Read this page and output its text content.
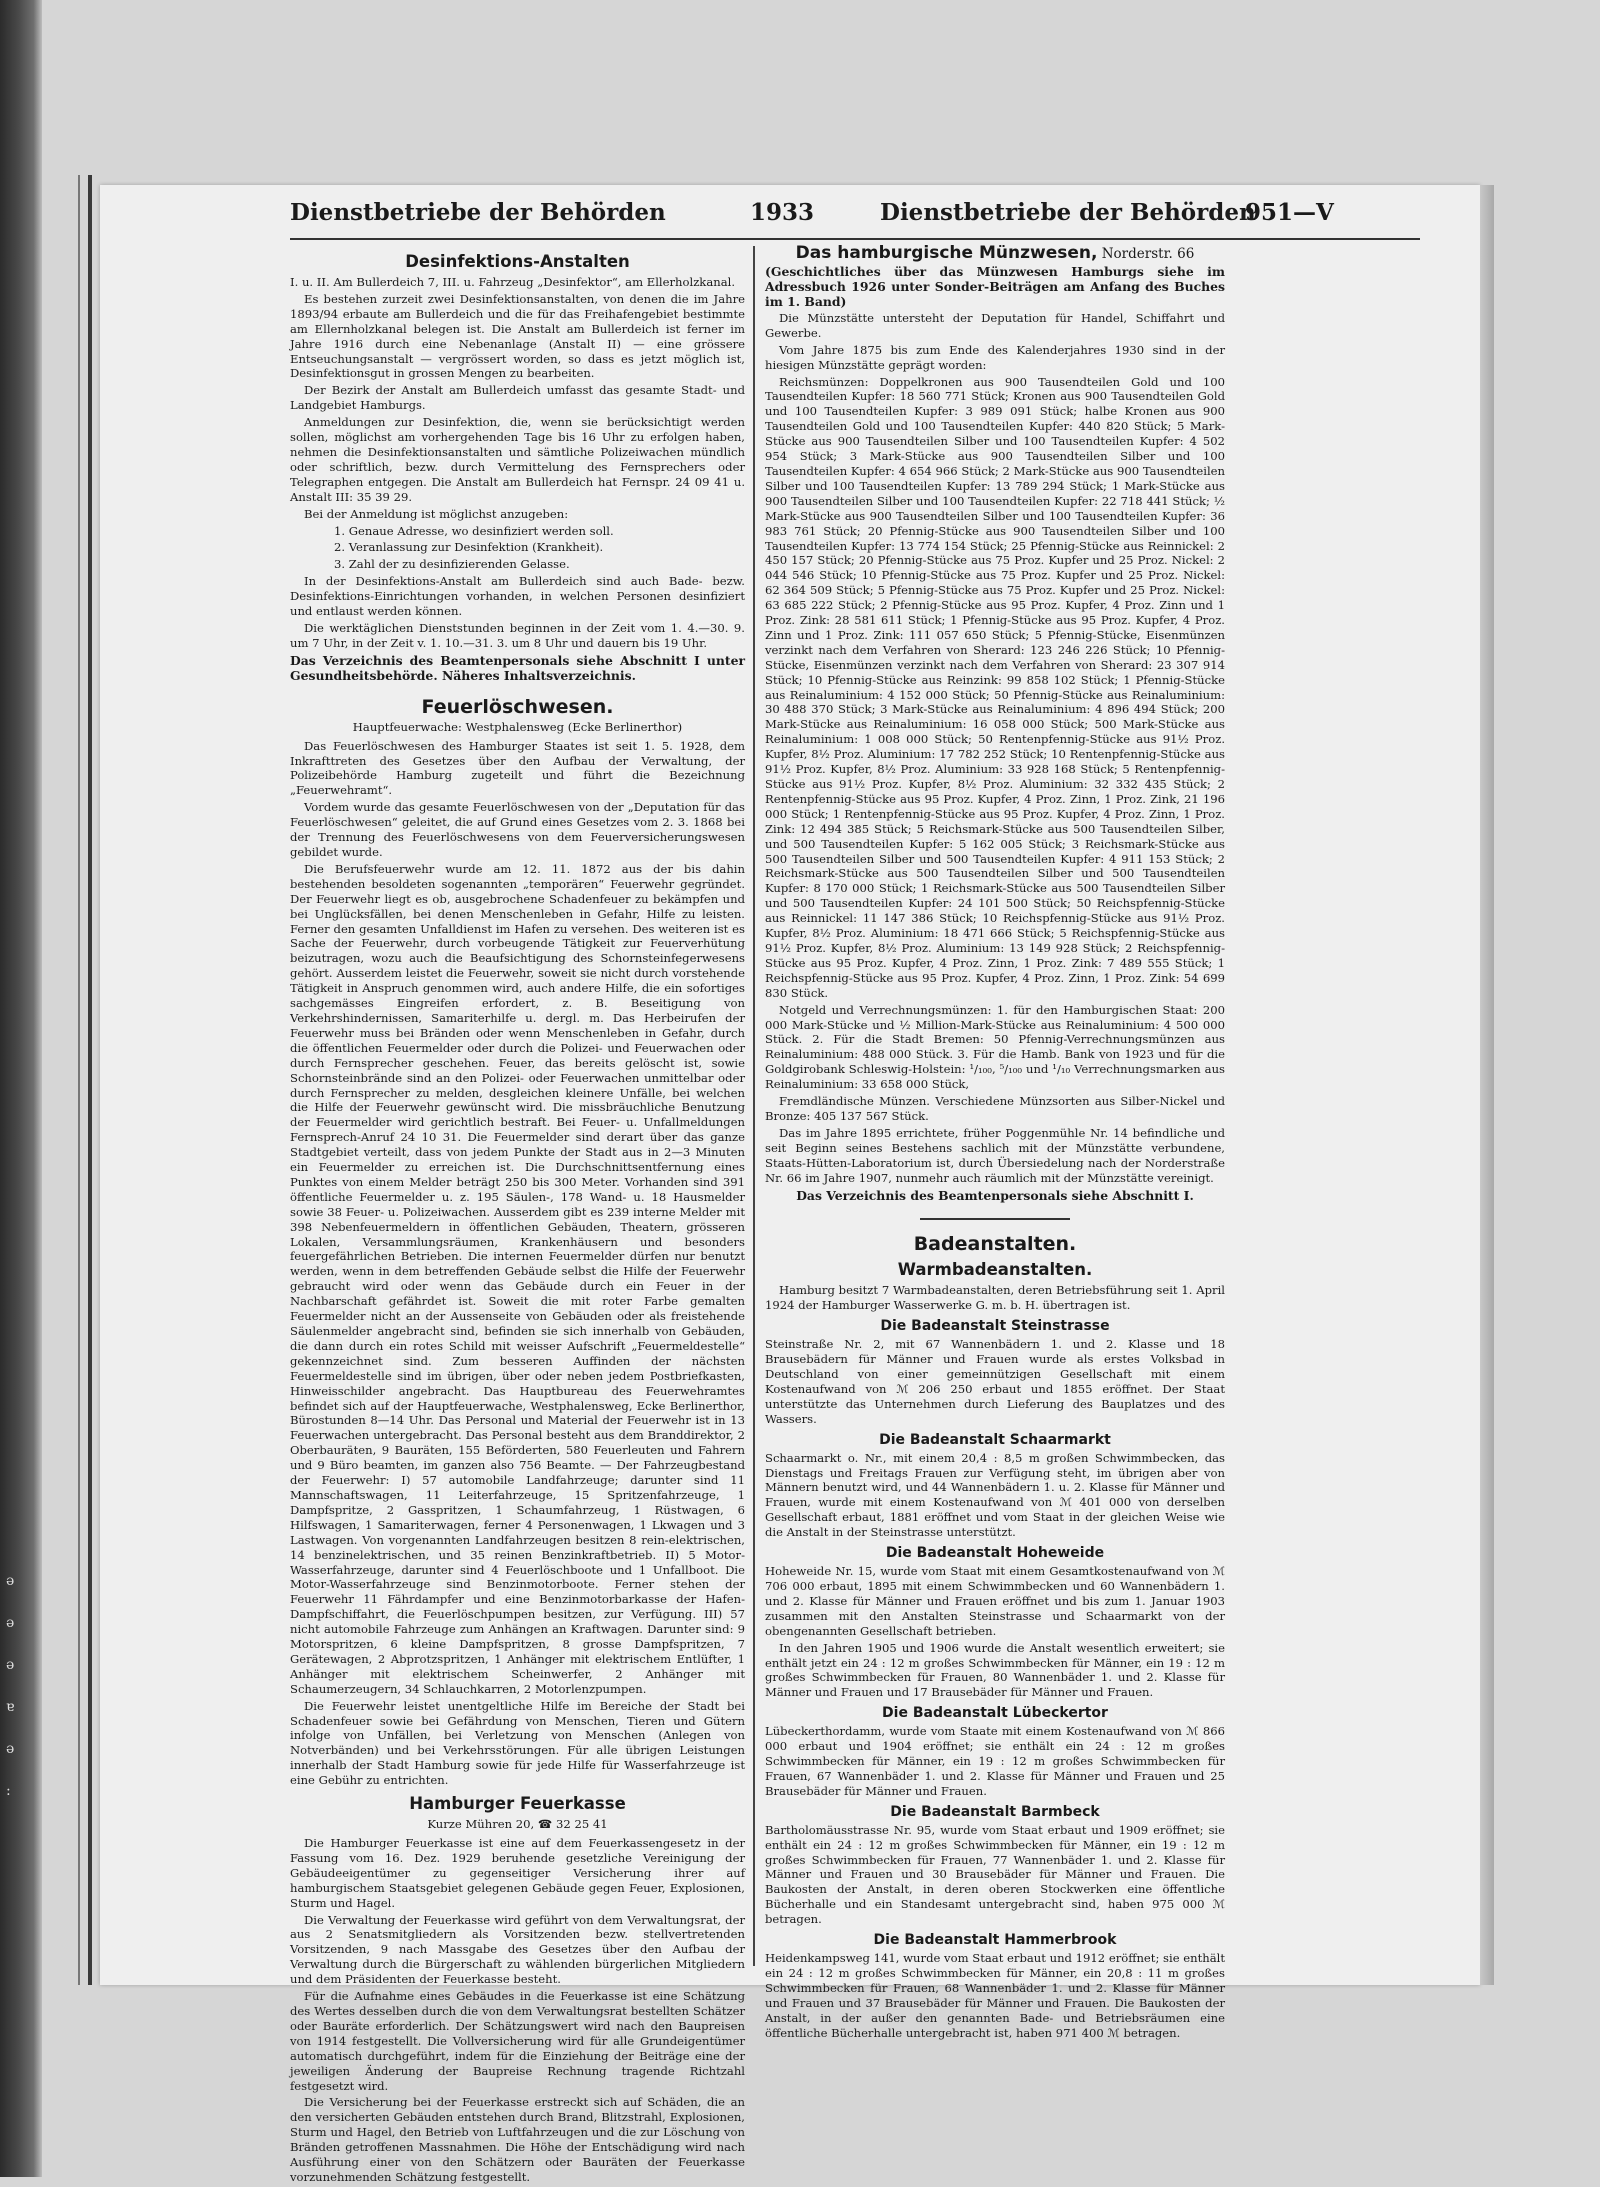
ǝ
ǝ
ǝ
ɐ
ǝ
:
Dienstbetriebe der Behörden	1933	Dienstbetriebe der Behörden
951—V
Desinfektions-Anstalten

I. u. II. Am Bullerdeich 7, III. u. Fahrzeug „Desinfektor“, am Ellerholzkanal.

Es bestehen zurzeit zwei Desinfektionsanstalten, von denen die im Jahre 1893/94 erbaute am Bullerdeich und die für das Freihafengebiet bestimmte am Ellernholzkanal belegen ist. Die Anstalt am Bullerdeich ist ferner im Jahre 1916 durch eine Nebenanlage (Anstalt II) — eine grössere Entseuchungsanstalt — vergrössert worden, so dass es jetzt möglich ist, Desinfektionsgut in grossen Mengen zu bearbeiten.

Der Bezirk der Anstalt am Bullerdeich umfasst das gesamte Stadt- und Landgebiet Hamburgs.

Anmeldungen zur Desinfektion, die, wenn sie berücksichtigt werden sollen, möglichst am vorhergehenden Tage bis 16 Uhr zu erfolgen haben, nehmen die Desinfektionsanstalten und sämtliche Polizeiwachen mündlich oder schriftlich, bezw. durch Vermittelung des Fernsprechers oder Telegraphen entgegen. Die Anstalt am Bullerdeich hat Fernspr. 24 09 41 u. Anstalt III: 35 39 29.

Bei der Anmeldung ist möglichst anzugeben:

1. Genaue Adresse, wo desinfiziert werden soll.

2. Veranlassung zur Desinfektion (Krankheit).

3. Zahl der zu desinfizierenden Gelasse.

In der Desinfektions-Anstalt am Bullerdeich sind auch Bade- bezw. Desinfektions-Einrichtungen vorhanden, in welchen Personen desinfiziert und entlaust werden können.

Die werktäglichen Dienststunden beginnen in der Zeit vom 1. 4.—30. 9. um 7 Uhr, in der Zeit v. 1. 10.—31. 3. um 8 Uhr und dauern bis 19 Uhr.

Das Verzeichnis des Beamtenpersonals siehe Abschnitt I unter Gesundheitsbehörde. Näheres Inhaltsverzeichnis.
Feuerlöschwesen.
Hauptfeuerwache: Westphalensweg (Ecke Berlinerthor)

Das Feuerlöschwesen des Hamburger Staates ist seit 1. 5. 1928, dem Inkrafttreten des Gesetzes über den Aufbau der Verwaltung, der Polizeibehörde Hamburg zugeteilt und führt die Bezeichnung „Feuerwehramt“.

Vordem wurde das gesamte Feuerlöschwesen von der „Deputation für das Feuerlöschwesen“ geleitet, die auf Grund eines Gesetzes vom 2. 3. 1868 bei der Trennung des Feuerlöschwesens von dem Feuerversicherungswesen gebildet wurde.

Die Berufsfeuerwehr wurde am 12. 11. 1872 aus der bis dahin bestehenden besoldeten sogenannten „temporären“ Feuerwehr gegründet. Der Feuerwehr liegt es ob, ausgebrochene Schadenfeuer zu bekämpfen und bei Unglücksfällen, bei denen Menschenleben in Gefahr, Hilfe zu leisten. Ferner den gesamten Unfalldienst im Hafen zu versehen. Des weiteren ist es Sache der Feuerwehr, durch vorbeugende Tätigkeit zur Feuerverhütung beizutragen, wozu auch die Beaufsichtigung des Schornsteinfegerwesens gehört. Ausserdem leistet die Feuerwehr, soweit sie nicht durch vorstehende Tätigkeit in Anspruch genommen wird, auch andere Hilfe, die ein sofortiges sachgemässes Eingreifen erfordert, z. B. Beseitigung von Verkehrshindernissen, Samariterhilfe u. dergl. m. Das Herbeirufen der Feuerwehr muss bei Bränden oder wenn Menschenleben in Gefahr, durch die öffentlichen Feuermelder oder durch die Polizei- und Feuerwachen oder durch Fernsprecher geschehen. Feuer, das bereits gelöscht ist, sowie Schornsteinbrände sind an den Polizei- oder Feuerwachen unmittelbar oder durch Fernsprecher zu melden, desgleichen kleinere Unfälle, bei welchen die Hilfe der Feuerwehr gewünscht wird. Die missbräuchliche Benutzung der Feuermelder wird gerichtlich bestraft. Bei Feuer- u. Unfallmeldungen Fernsprech-Anruf 24 10 31. Die Feuermelder sind derart über das ganze Stadtgebiet verteilt, dass von jedem Punkte der Stadt aus in 2—3 Minuten ein Feuermelder zu erreichen ist. Die Durchschnittsentfernung eines Punktes von einem Melder beträgt 250 bis 300 Meter. Vorhanden sind 391 öffentliche Feuermelder u. z. 195 Säulen-, 178 Wand- u. 18 Hausmelder sowie 38 Feuer- u. Polizeiwachen. Ausserdem gibt es 239 interne Melder mit 398 Nebenfeuermeldern in öffentlichen Gebäuden, Theatern, grösseren Lokalen, Versammlungsräumen, Krankenhäusern und besonders feuergefährlichen Betrieben. Die internen Feuermelder dürfen nur benutzt werden, wenn in dem betreffenden Gebäude selbst die Hilfe der Feuerwehr gebraucht wird oder wenn das Gebäude durch ein Feuer in der Nachbarschaft gefährdet ist. Soweit die mit roter Farbe gemalten Feuermelder nicht an der Aussenseite von Gebäuden oder als freistehende Säulenmelder angebracht sind, befinden sie sich innerhalb von Gebäuden, die dann durch ein rotes Schild mit weisser Aufschrift „Feuermeldestelle“ gekennzeichnet sind. Zum besseren Auffinden der nächsten Feuermeldestelle sind im übrigen, über oder neben jedem Postbriefkasten, Hinweisschilder angebracht. Das Hauptbureau des Feuerwehramtes befindet sich auf der Hauptfeuerwache, Westphalensweg, Ecke Berlinerthor, Bürostunden 8—14 Uhr. Das Personal und Material der Feuerwehr ist in 13 Feuerwachen untergebracht. Das Personal besteht aus dem Branddirektor, 2 Oberbauräten, 9 Bauräten, 155 Beförderten, 580 Feuerleuten und Fahrern und 9 Büro beamten, im ganzen also 756 Beamte. — Der Fahrzeugbestand der Feuerwehr: I) 57 automobile Landfahrzeuge; darunter sind 11 Mannschaftswagen, 11 Leiterfahrzeuge, 15 Spritzenfahrzeuge, 1 Dampfspritze, 2 Gasspritzen, 1 Schaumfahrzeug, 1 Rüstwagen, 6 Hilfswagen, 1 Samariterwagen, ferner 4 Personenwagen, 1 Lkwagen und 3 Lastwagen. Von vorgenannten Landfahrzeugen besitzen 8 rein-elektrischen, 14 benzinelektrischen, und 35 reinen Benzinkraftbetrieb. II) 5 Motor-Wasserfahrzeuge, darunter sind 4 Feuerlöschboote und 1 Unfallboot. Die Motor-Wasserfahrzeuge sind Benzinmotorboote. Ferner stehen der Feuerwehr 11 Fährdampfer und eine Benzinmotorbarkasse der Hafen-Dampfschiffahrt, die Feuerlöschpumpen besitzen, zur Verfügung. III) 57 nicht automobile Fahrzeuge zum Anhängen an Kraftwagen. Darunter sind: 9 Motorspritzen, 6 kleine Dampfspritzen, 8 grosse Dampfspritzen, 7 Gerätewagen, 2 Abprotzspritzen, 1 Anhänger mit elektrischem Entlüfter, 1 Anhänger mit elektrischem Scheinwerfer, 2 Anhänger mit Schaumerzeugern, 34 Schlauchkarren, 2 Motorlenzpumpen.

Die Feuerwehr leistet unentgeltliche Hilfe im Bereiche der Stadt bei Schadenfeuer sowie bei Gefährdung von Menschen, Tieren und Gütern infolge von Unfällen, bei Verletzung von Menschen (Anlegen von Notverbänden) und bei Verkehrsstörungen. Für alle übrigen Leistungen innerhalb der Stadt Hamburg sowie für jede Hilfe für Wasserfahrzeuge ist eine Gebühr zu entrichten.

Hamburger Feuerkasse
Kurze Mühren 20, ☎ 32 25 41

Die Hamburger Feuerkasse ist eine auf dem Feuerkassengesetz in der Fassung vom 16. Dez. 1929 beruhende gesetzliche Vereinigung der Gebäudeeigentümer zu gegenseitiger Versicherung ihrer auf hamburgischem Staatsgebiet gelegenen Gebäude gegen Feuer, Explosionen, Sturm und Hagel.

Die Verwaltung der Feuerkasse wird geführt von dem Verwaltungsrat, der aus 2 Senatsmitgliedern als Vorsitzenden bezw. stellvertretenden Vorsitzenden, 9 nach Massgabe des Gesetzes über den Aufbau der Verwaltung durch die Bürgerschaft zu wählenden bürgerlichen Mitgliedern und dem Präsidenten der Feuerkasse besteht.

Für die Aufnahme eines Gebäudes in die Feuerkasse ist eine Schätzung des Wertes desselben durch die von dem Verwaltungsrat bestellten Schätzer oder Bauräte erforderlich. Der Schätzungswert wird nach den Baupreisen von 1914 festgestellt. Die Vollversicherung wird für alle Grundeigentümer automatisch durchgeführt, indem für die Einziehung der Beiträge eine der jeweiligen Änderung der Baupreise Rechnung tragende Richtzahl festgesetzt wird.

Die Versicherung bei der Feuerkasse erstreckt sich auf Schäden, die an den versicherten Gebäuden entstehen durch Brand, Blitzstrahl, Explosionen, Sturm und Hagel, den Betrieb von Luftfahrzeugen und die zur Löschung von Bränden getroffenen Massnahmen. Die Höhe der Entschädigung wird nach Ausführung einer von den Schätzern oder Bauräten der Feuerkasse vorzunehmenden Schätzung festgestellt.

Das hamburgische Münzwesen, Norderstr. 66
(Geschichtliches über das Münzwesen Hamburgs siehe im Adressbuch 1926 unter Sonder-Beiträgen am Anfang des Buches im 1. Band)

Die Münzstätte untersteht der Deputation für Handel, Schiffahrt und Gewerbe.

Vom Jahre 1875 bis zum Ende des Kalenderjahres 1930 sind in der hiesigen Münzstätte geprägt worden:

Reichsmünzen: Doppelkronen aus 900 Tausendteilen Gold und 100 Tausendteilen Kupfer: 18 560 771 Stück; Kronen aus 900 Tausendteilen Gold und 100 Tausendteilen Kupfer: 3 989 091 Stück; halbe Kronen aus 900 Tausendteilen Gold und 100 Tausendteilen Kupfer: 440 820 Stück; 5 Mark-Stücke aus 900 Tausendteilen Silber und 100 Tausendteilen Kupfer: 4 502 954 Stück; 3 Mark-Stücke aus 900 Tausendteilen Silber und 100 Tausendteilen Kupfer: 4 654 966 Stück; 2 Mark-Stücke aus 900 Tausendteilen Silber und 100 Tausendteilen Kupfer: 13 789 294 Stück; 1 Mark-Stücke aus 900 Tausendteilen Silber und 100 Tausendteilen Kupfer: 22 718 441 Stück; ½ Mark-Stücke aus 900 Tausendteilen Silber und 100 Tausendteilen Kupfer: 36 983 761 Stück; 20 Pfennig-Stücke aus 900 Tausendteilen Silber und 100 Tausendteilen Kupfer: 13 774 154 Stück; 25 Pfennig-Stücke aus Reinnickel: 2 450 157 Stück; 20 Pfennig-Stücke aus 75 Proz. Kupfer und 25 Proz. Nickel: 2 044 546 Stück; 10 Pfennig-Stücke aus 75 Proz. Kupfer und 25 Proz. Nickel: 62 364 509 Stück; 5 Pfennig-Stücke aus 75 Proz. Kupfer und 25 Proz. Nickel: 63 685 222 Stück; 2 Pfennig-Stücke aus 95 Proz. Kupfer, 4 Proz. Zinn und 1 Proz. Zink: 28 581 611 Stück; 1 Pfennig-Stücke aus 95 Proz. Kupfer, 4 Proz. Zinn und 1 Proz. Zink: 111 057 650 Stück; 5 Pfennig-Stücke, Eisenmünzen verzinkt nach dem Verfahren von Sherard: 123 246 226 Stück; 10 Pfennig-Stücke, Eisenmünzen verzinkt nach dem Verfahren von Sherard: 23 307 914 Stück; 10 Pfennig-Stücke aus Reinzink: 99 858 102 Stück; 1 Pfennig-Stücke aus Reinaluminium: 4 152 000 Stück; 50 Pfennig-Stücke aus Reinaluminium: 30 488 370 Stück; 3 Mark-Stücke aus Reinaluminium: 4 896 494 Stück; 200 Mark-Stücke aus Reinaluminium: 16 058 000 Stück; 500 Mark-Stücke aus Reinaluminium: 1 008 000 Stück; 50 Rentenpfennig-Stücke aus 91½ Proz. Kupfer, 8½ Proz. Aluminium: 17 782 252 Stück; 10 Rentenpfennig-Stücke aus 91½ Proz. Kupfer, 8½ Proz. Aluminium: 33 928 168 Stück; 5 Rentenpfennig-Stücke aus 91½ Proz. Kupfer, 8½ Proz. Aluminium: 32 332 435 Stück; 2 Rentenpfennig-Stücke aus 95 Proz. Kupfer, 4 Proz. Zinn, 1 Proz. Zink, 21 196 000 Stück; 1 Rentenpfennig-Stücke aus 95 Proz. Kupfer, 4 Proz. Zinn, 1 Proz. Zink: 12 494 385 Stück; 5 Reichsmark-Stücke aus 500 Tausendteilen Silber, und 500 Tausendteilen Kupfer: 5 162 005 Stück; 3 Reichsmark-Stücke aus 500 Tausendteilen Silber und 500 Tausendteilen Kupfer: 4 911 153 Stück; 2 Reichsmark-Stücke aus 500 Tausendteilen Silber und 500 Tausendteilen Kupfer: 8 170 000 Stück; 1 Reichsmark-Stücke aus 500 Tausendteilen Silber und 500 Tausendteilen Kupfer: 24 101 500 Stück; 50 Reichspfennig-Stücke aus Reinnickel: 11 147 386 Stück; 10 Reichspfennig-Stücke aus 91½ Proz. Kupfer, 8½ Proz. Aluminium: 18 471 666 Stück; 5 Reichspfennig-Stücke aus 91½ Proz. Kupfer, 8½ Proz. Aluminium: 13 149 928 Stück; 2 Reichspfennig-Stücke aus 95 Proz. Kupfer, 4 Proz. Zinn, 1 Proz. Zink: 7 489 555 Stück; 1 Reichspfennig-Stücke aus 95 Proz. Kupfer, 4 Proz. Zinn, 1 Proz. Zink: 54 699 830 Stück.

Notgeld und Verrechnungsmünzen: 1. für den Hamburgischen Staat: 200 000 Mark-Stücke und ½ Million-Mark-Stücke aus Reinaluminium: 4 500 000 Stück. 2. Für die Stadt Bremen: 50 Pfennig-Verrechnungsmünzen aus Reinaluminium: 488 000 Stück. 3. Für die Hamb. Bank von 1923 und für die Goldgirobank Schleswig-Holstein: ¹/₁₀₀, ⁵/₁₀₀ und ¹/₁₀ Verrechnungsmarken aus Reinaluminium: 33 658 000 Stück,

Fremdländische Münzen. Verschiedene Münzsorten aus Silber-Nickel und Bronze: 405 137 567 Stück.

Das im Jahre 1895 errichtete, früher Poggenmühle Nr. 14 befindliche und seit Beginn seines Bestehens sachlich mit der Münzstätte verbundene, Staats-Hütten-Laboratorium ist, durch Übersiedelung nach der Norderstraße Nr. 66 im Jahre 1907, nunmehr auch räumlich mit der Münzstätte vereinigt.

Das Verzeichnis des Beamtenpersonals siehe Abschnitt I.
Badeanstalten.
Warmbadeanstalten.

Hamburg besitzt 7 Warmbadeanstalten, deren Betriebsführung seit 1. April 1924 der Hamburger Wasserwerke G. m. b. H. übertragen ist.

Die Badeanstalt Steinstrasse

Steinstraße Nr. 2, mit 67 Wannenbädern 1. und 2. Klasse und 18 Brausebädern für Männer und Frauen wurde als erstes Volksbad in Deutschland von einer gemeinnützigen Gesellschaft mit einem Kostenaufwand von ℳ 206 250 erbaut und 1855 eröffnet. Der Staat unterstützte das Unternehmen durch Lieferung des Bauplatzes und des Wassers.

Die Badeanstalt Schaarmarkt

Schaarmarkt o. Nr., mit einem 20,4 : 8,5 m großen Schwimmbecken, das Dienstags und Freitags Frauen zur Verfügung steht, im übrigen aber von Männern benutzt wird, und 44 Wannenbädern 1. u. 2. Klasse für Männer und Frauen, wurde mit einem Kostenaufwand von ℳ 401 000 von derselben Gesellschaft erbaut, 1881 eröffnet und vom Staat in der gleichen Weise wie die Anstalt in der Steinstrasse unterstützt.

Die Badeanstalt Hoheweide

Hoheweide Nr. 15, wurde vom Staat mit einem Gesamtkostenaufwand von ℳ 706 000 erbaut, 1895 mit einem Schwimmbecken und 60 Wannenbädern 1. und 2. Klasse für Männer und Frauen eröffnet und bis zum 1. Januar 1903 zusammen mit den Anstalten Steinstrasse und Schaarmarkt von der obengenannten Gesellschaft betrieben.

In den Jahren 1905 und 1906 wurde die Anstalt wesentlich erweitert; sie enthält jetzt ein 24 : 12 m großes Schwimmbecken für Männer, ein 19 : 12 m großes Schwimmbecken für Frauen, 80 Wannenbäder 1. und 2. Klasse für Männer und Frauen und 17 Brausebäder für Männer und Frauen.

Die Badeanstalt Lübeckertor

Lübeckerthordamm, wurde vom Staate mit einem Kostenaufwand von ℳ 866 000 erbaut und 1904 eröffnet; sie enthält ein 24 : 12 m großes Schwimmbecken für Männer, ein 19 : 12 m großes Schwimmbecken für Frauen, 67 Wannenbäder 1. und 2. Klasse für Männer und Frauen und 25 Brausebäder für Männer und Frauen.

Die Badeanstalt Barmbeck

Bartholomäusstrasse Nr. 95, wurde vom Staat erbaut und 1909 eröffnet; sie enthält ein 24 : 12 m großes Schwimmbecken für Männer, ein 19 : 12 m großes Schwimmbecken für Frauen, 77 Wannenbäder 1. und 2. Klasse für Männer und Frauen und 30 Brausebäder für Männer und Frauen. Die Baukosten der Anstalt, in deren oberen Stockwerken eine öffentliche Bücherhalle und ein Standesamt untergebracht sind, haben 975 000 ℳ betragen.

Die Badeanstalt Hammerbrook

Heidenkampsweg 141, wurde vom Staat erbaut und 1912 eröffnet; sie enthält ein 24 : 12 m großes Schwimmbecken für Männer, ein 20,8 : 11 m großes Schwimmbecken für Frauen, 68 Wannenbäder 1. und 2. Klasse für Männer und Frauen und 37 Brausebäder für Männer und Frauen. Die Baukosten der Anstalt, in der außer den genannten Bade- und Betriebsräumen eine öffentliche Bücherhalle untergebracht ist, haben 971 400 ℳ betragen.
